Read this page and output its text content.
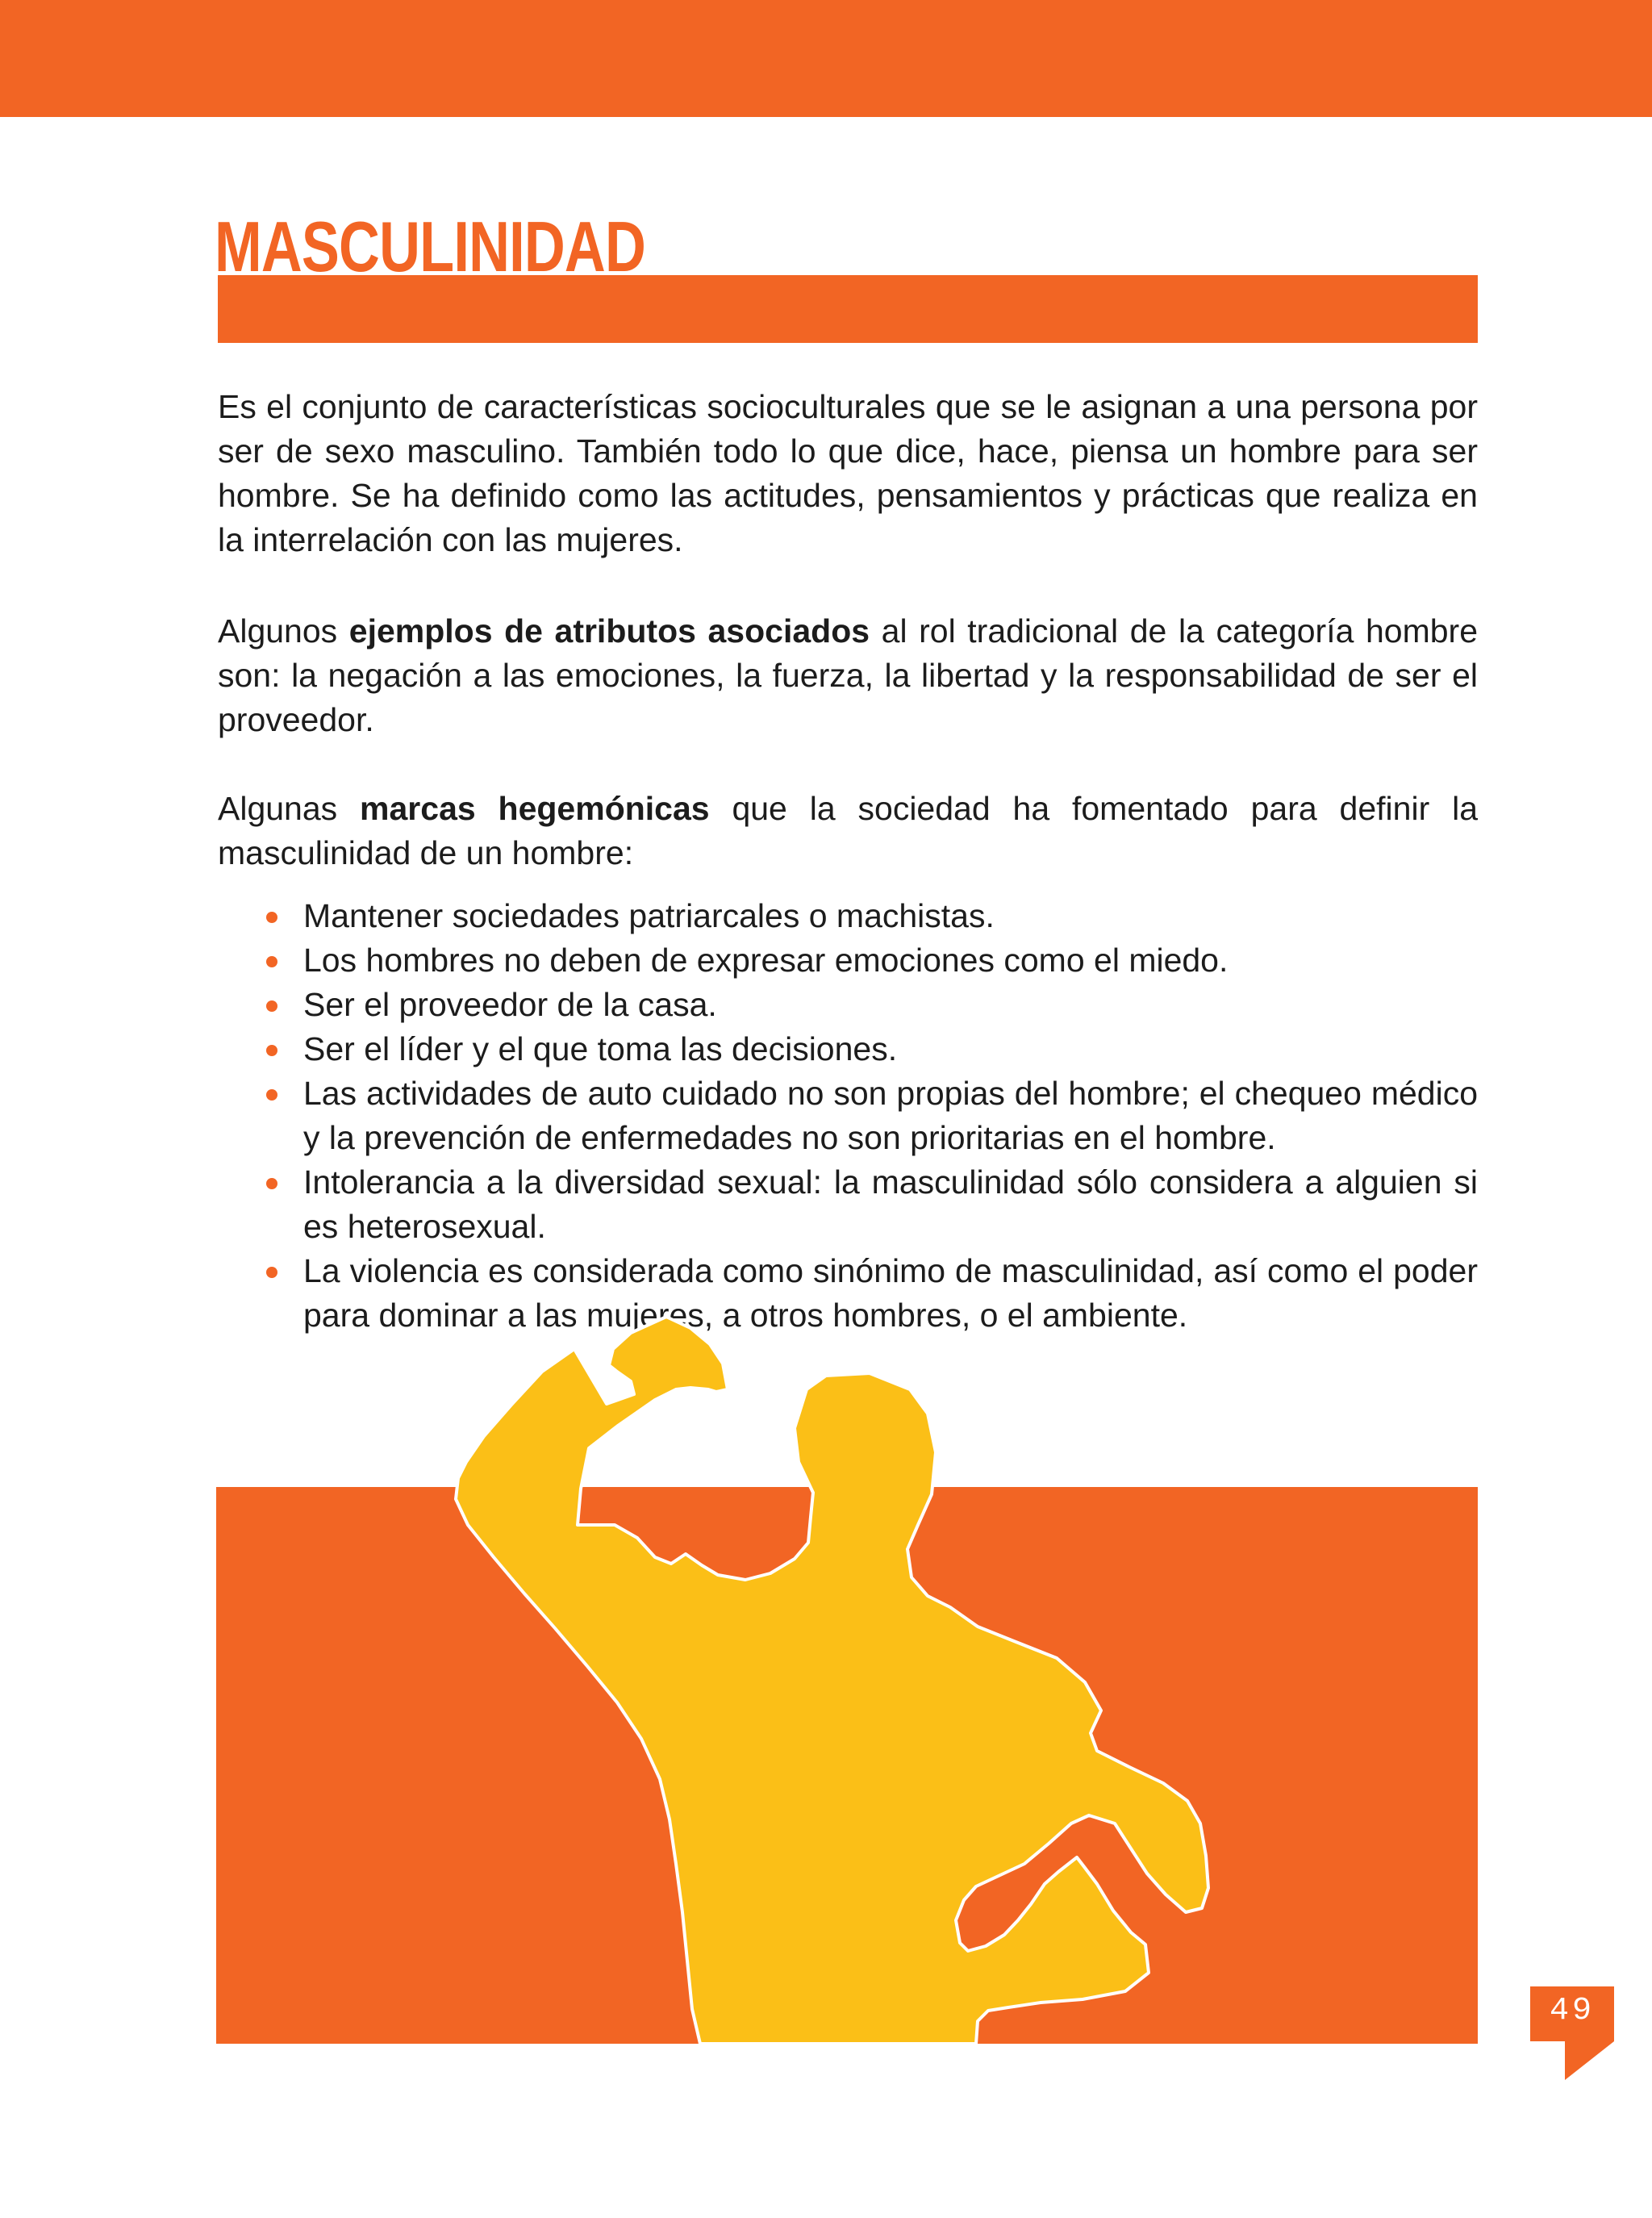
MASCULINIDAD

Es el conjunto de características socioculturales que se le asignan a una persona por ser de sexo masculino. También todo lo que dice, hace, piensa un hombre para ser hombre. Se ha definido como las actitudes, pensamientos y prácticas que realiza en la interrelación con las mujeres.

Algunos ejemplos de atributos asociados al rol tradicional de la categoría hombre son: la negación a las emociones, la fuerza, la libertad y la responsabilidad de ser el proveedor.

Algunas marcas hegemónicas que la sociedad ha fomentado para definir la masculinidad de un hombre:

Mantener sociedades patriarcales o machistas.
Los hombres no deben de expresar emociones como el miedo.
Ser el proveedor de la casa.
Ser el líder y el que toma las decisiones.
Las actividades de auto cuidado no son propias del hombre; el chequeo médico y la prevención de enfermedades no son prioritarias en el hombre.
Intolerancia a la diversidad sexual: la masculinidad sólo considera a alguien si es heterosexual.
La violencia es considerada como sinónimo de masculinidad, así como el poder para dominar a las mujeres, a otros hombres, o el ambiente.
49
